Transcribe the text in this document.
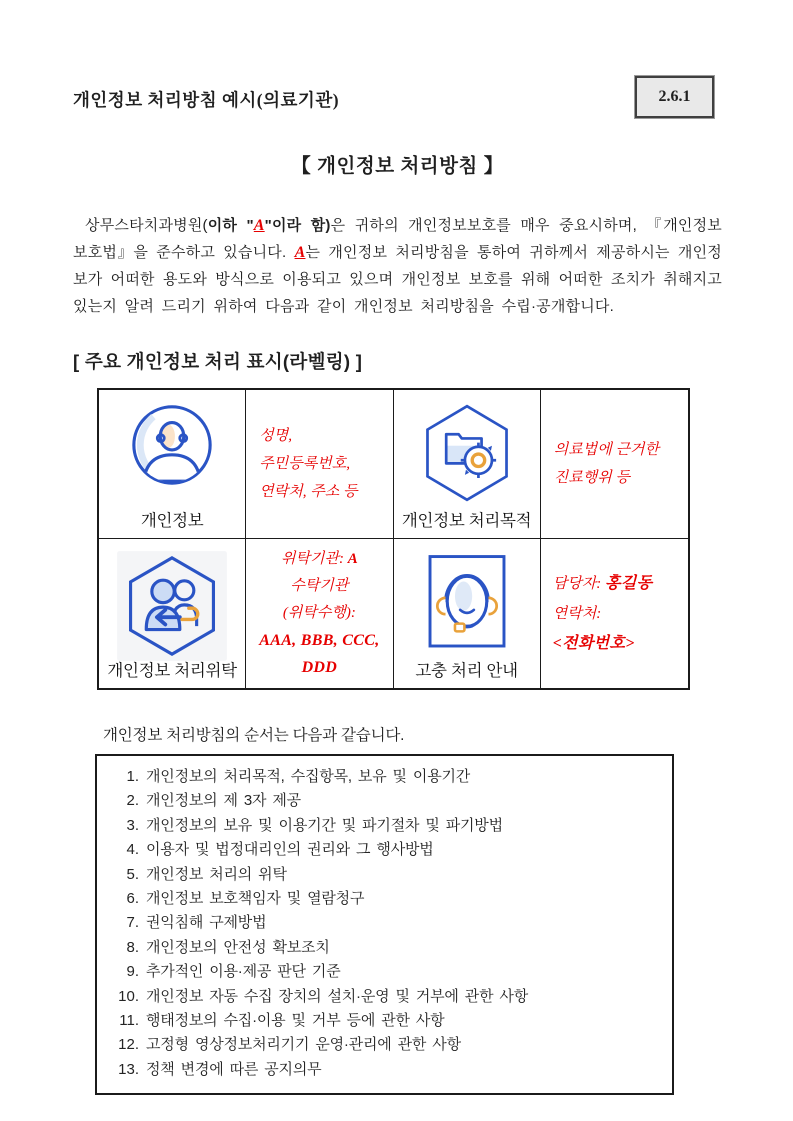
개인정보 처리방침 예시(의료기관)	2.6.1
【 개인정보 처리방침 】

상무스타치과병원(이하 "A"이라 함)은 귀하의 개인정보보호를 매우 중요시하며, 『개인정보 보호법』을 준수하고 있습니다. A는 개인정보 처리방침을 통하여 귀하께서 제공하시는 개인정보가 어떠한 용도와 방식으로 이용되고 있으며 개인정보 보호를 위해 어떠한 조치가 취해지고 있는지 알려 드리기 위하여 다음과 같이 개인정보 처리방침을 수립·공개합니다.

[ 주요 개인정보 처리 표시(라벨링) ]
개인정보
성명,
주민등록번호,
연락처, 주소 등
개인정보 처리목적
의료법에 근거한
진료행위 등
개인정보 처리위탁
위탁기관: A
수탁기관
(위탁수행):
AAA, BBB, CCC,
DDD	고충 처리 안내
담당자: 홍길동
연락처:
<전화번호>
개인정보 처리방침의 순서는 다음과 같습니다.
1. 개인정보의 처리목적, 수집항목, 보유 및 이용기간
2. 개인정보의 제 3자 제공
3. 개인정보의 보유 및 이용기간 및 파기절차 및 파기방법
4. 이용자 및 법정대리인의 권리와 그 행사방법
5. 개인정보 처리의 위탁
6. 개인정보 보호책임자 및 열람청구
7. 권익침해 구제방법
8. 개인정보의 안전성 확보조치
9. 추가적인 이용·제공 판단 기준
10. 개인정보 자동 수집 장치의 설치·운영 및 거부에 관한 사항
11. 행태정보의 수집·이용 및 거부 등에 관한 사항
12. 고정형 영상정보처리기기 운영·관리에 관한 사항
13. 정책 변경에 따른 공지의무
